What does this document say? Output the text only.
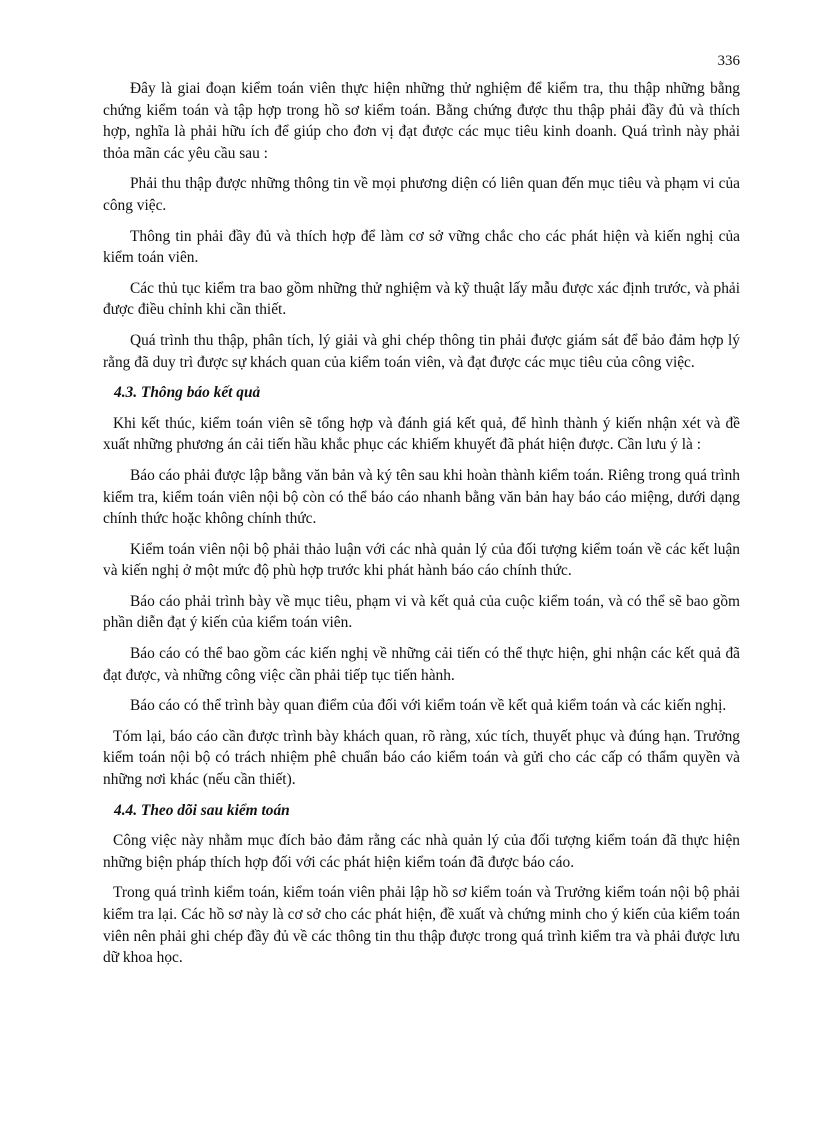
336

Đây là giai đoạn kiểm toán viên thực hiện những thử nghiệm để kiểm tra, thu thập những bằng chứng kiểm toán và tập hợp trong hồ sơ kiểm toán. Bằng chứng được thu thập phải đầy đủ và thích hợp, nghĩa là phải hữu ích để giúp cho đơn vị đạt được các mục tiêu kinh doanh. Quá trình này phải thỏa mãn các yêu cầu sau :

Phải thu thập được những thông tin về mọi phương diện có liên quan đến mục tiêu và phạm vi của công việc.

Thông tin phải đầy đủ và thích hợp để làm cơ sở vững chắc cho các phát hiện và kiến nghị của kiểm toán viên.

Các thủ tục kiểm tra bao gồm những thử nghiệm và kỹ thuật lấy mẫu được xác định trước, và phải được điều chỉnh khi cần thiết.

Quá trình thu thập, phân tích, lý giải và ghi chép thông tin phải được giám sát để bảo đảm hợp lý rằng đã duy trì được sự khách quan của kiểm toán viên, và đạt được các mục tiêu của công việc.

4.3. Thông báo kết quả

Khi kết thúc, kiểm toán viên sẽ tổng hợp và đánh giá kết quả, để hình thành ý kiến nhận xét và đề xuất những phương án cải tiến hầu khắc phục các khiếm khuyết đã phát hiện được. Cần lưu ý là :

Báo cáo phải được lập bằng văn bản và ký tên sau khi hoàn thành kiểm toán. Riêng trong quá trình kiểm tra, kiểm toán viên nội bộ còn có thể báo cáo nhanh bằng văn bản hay báo cáo miệng, dưới dạng chính thức hoặc không chính thức.

Kiểm toán viên nội bộ phải thảo luận với các nhà quản lý của đối tượng kiểm toán về các kết luận và kiến nghị ở một mức độ phù hợp trước khi phát hành báo cáo chính thức.

Báo cáo phải trình bày về mục tiêu, phạm vi và kết quả của cuộc kiểm toán, và có thể sẽ bao gồm phần diễn đạt ý kiến của kiểm toán viên.

Báo cáo có thể bao gồm các kiến nghị về những cải tiến có thể thực hiện, ghi nhận các kết quả đã đạt được, và những công việc cần phải tiếp tục tiến hành.

Báo cáo có thể trình bày quan điểm của đối với kiểm toán về kết quả kiểm toán và các kiến nghị.

Tóm lại, báo cáo cần được trình bày khách quan, rõ ràng, xúc tích, thuyết phục và đúng hạn. Trưởng kiểm toán nội bộ có trách nhiệm phê chuẩn báo cáo kiểm toán và gửi cho các cấp có thẩm quyền và những nơi khác (nếu cần thiết).

4.4. Theo dõi sau kiểm toán

Công việc này nhằm mục đích bảo đảm rằng các nhà quản lý của đối tượng kiểm toán đã thực hiện những biện pháp thích hợp đối với các phát hiện kiểm toán đã được báo cáo.

Trong quá trình kiểm toán, kiểm toán viên phải lập hồ sơ kiểm toán và Trưởng kiểm toán nội bộ phải kiểm tra lại. Các hồ sơ này là cơ sở cho các phát hiện, đề xuất và chứng minh cho ý kiến của kiểm toán viên nên phải ghi chép đầy đủ về các thông tin thu thập được trong quá trình kiểm tra và phải được lưu dữ khoa học.
